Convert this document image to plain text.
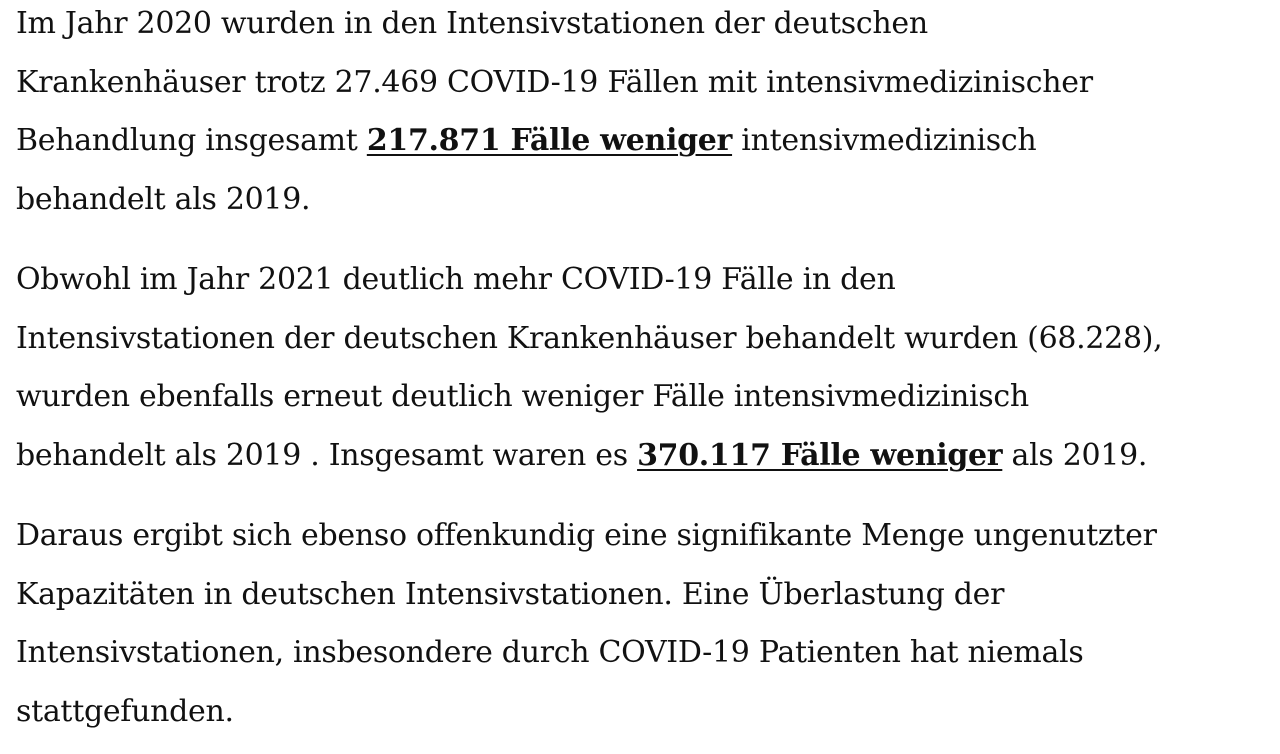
Im Jahr 2020 wurden in den Intensivstationen der deutschen
Krankenhäuser trotz 27.469 COVID-19 Fällen mit intensivmedizinischer
Behandlung insgesamt 217.871 Fälle weniger intensivmedizinisch
behandelt als 2019.

Obwohl im Jahr 2021 deutlich mehr COVID-19 Fälle in den
Intensivstationen der deutschen Krankenhäuser behandelt wurden (68.228),
wurden ebenfalls erneut deutlich weniger Fälle intensivmedizinisch
behandelt als 2019 . Insgesamt waren es 370.117 Fälle weniger als 2019.

Daraus ergibt sich ebenso offenkundig eine signifikante Menge ungenutzter
Kapazitäten in deutschen Intensivstationen. Eine Überlastung der
Intensivstationen, insbesondere durch COVID-19 Patienten hat niemals
stattgefunden.
